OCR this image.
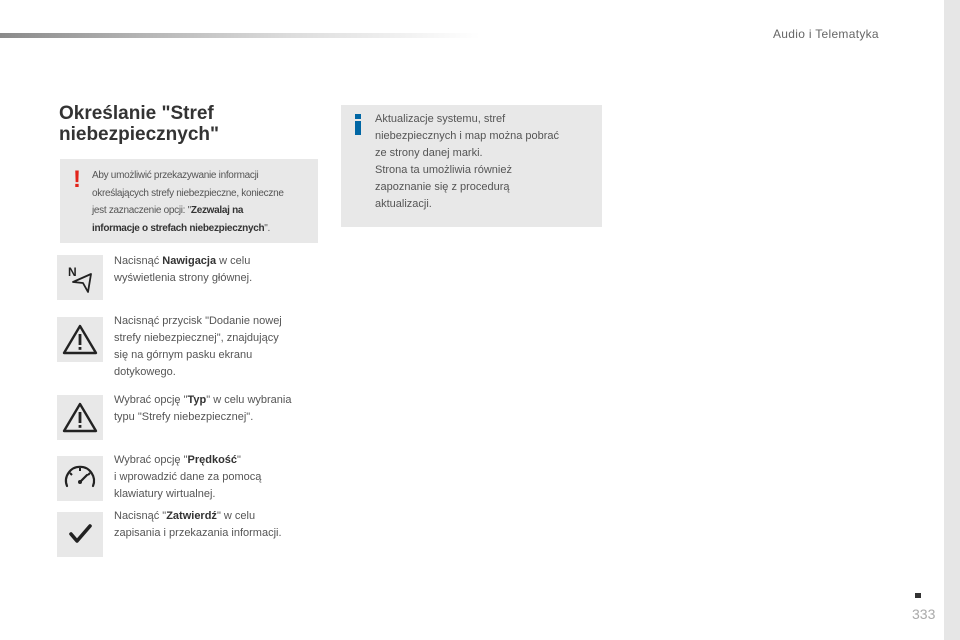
Audio i Telematyka
Określanie "Stref
niebezpiecznych"
! Aby umożliwić przekazywanie informacji
określających strefy niebezpieczne, konieczne
jest zaznaczenie opcji: "Zezwalaj na
informacje o strefach niebezpiecznych".
Aktualizacje systemu, stref
niebezpiecznych i map można pobrać
ze strony danej marki.
Strona ta umożliwia również
zapoznanie się z procedurą
aktualizacji.
N
Nacisnąć Nawigacja w celu
wyświetlenia strony głównej.
Nacisnąć przycisk "Dodanie nowej
strefy niebezpiecznej", znajdujący
się na górnym pasku ekranu
dotykowego.
Wybrać opcję "Typ" w celu wybrania
typu "Strefy niebezpiecznej".
Wybrać opcję "Prędkość"
i wprowadzić dane za pomocą
klawiatury wirtualnej.
Nacisnąć "Zatwierdź" w celu
zapisania i przekazania informacji.
333
